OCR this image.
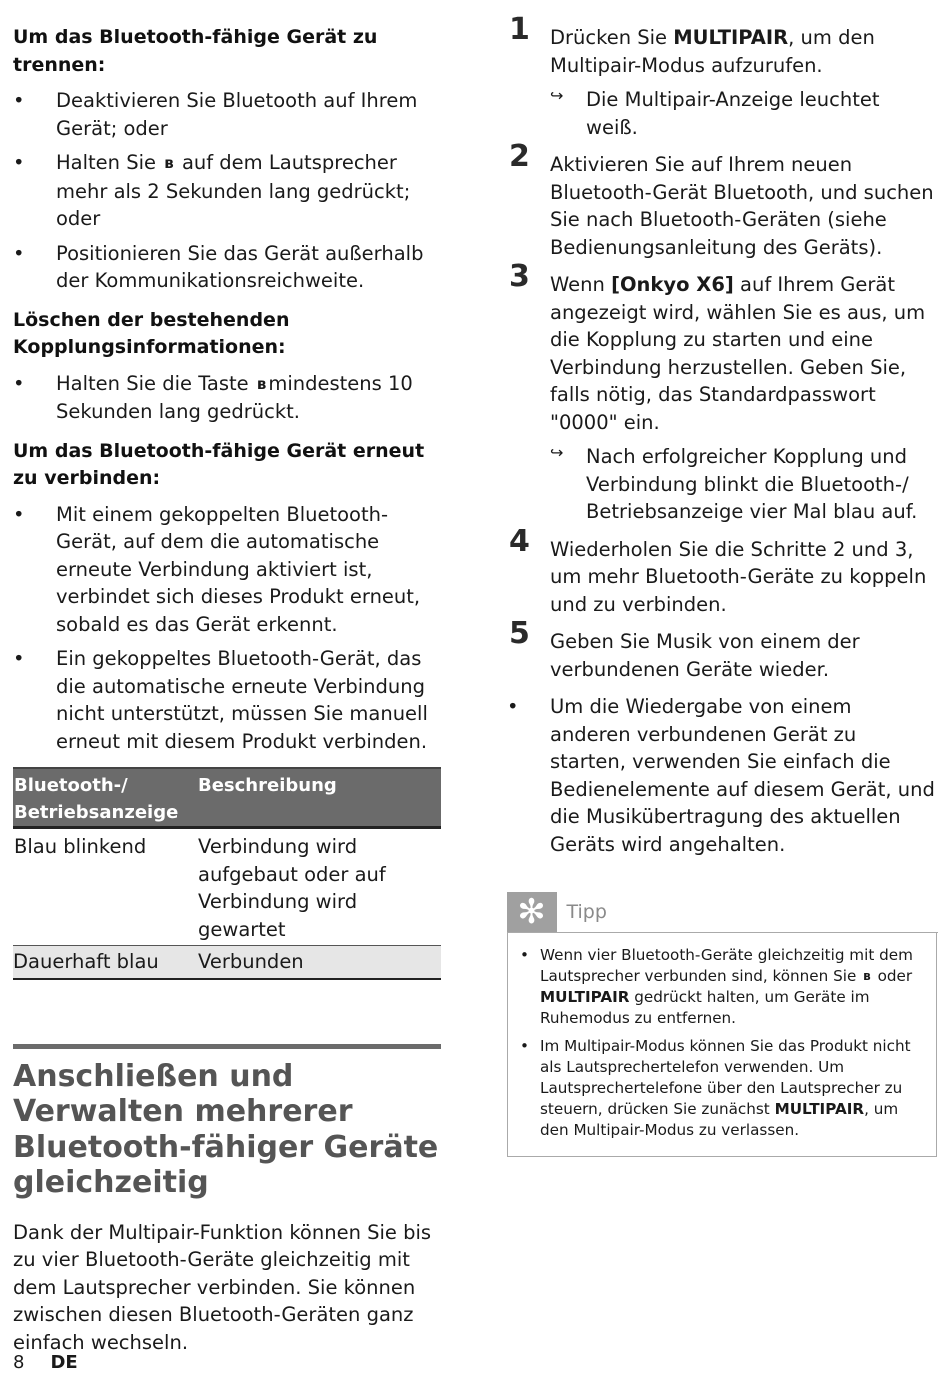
Um das Bluetooth-fähige Gerät zu trennen:
• Deaktivieren Sie Bluetooth auf Ihrem Gerät; oder
• Halten Sie ʙ auf dem Lautsprecher mehr als 2 Sekunden lang gedrückt; oder
• Positionieren Sie das Gerät außerhalb der Kommunikationsreichweite.
Löschen der bestehenden Kopplungsinformationen:
• Halten Sie die Taste ʙ mindestens 10 Sekunden lang gedrückt.
Um das Bluetooth-fähige Gerät erneut zu verbinden:
• Mit einem gekoppelten Bluetooth-Gerät, auf dem die automatische erneute Verbindung aktiviert ist, verbindet sich dieses Produkt erneut, sobald es das Gerät erkennt.
• Ein gekoppeltes Bluetooth-Gerät, das die automatische erneute Verbindung nicht unterstützt, müssen Sie manuell erneut mit diesem Produkt verbinden.
Bluetooth-/ Betriebsanzeige	Beschreibung
Blau blinkend	Verbindung wird aufgebaut oder auf Verbindung wird gewartet
Dauerhaft blau	Verbunden
Anschließen und Verwalten mehrerer Bluetooth-fähiger Geräte gleichzeitig

Dank der Multipair-Funktion können Sie bis zu vier Bluetooth-Geräte gleichzeitig mit dem Lautsprecher verbinden. Sie können zwischen diesen Bluetooth-Geräten ganz einfach wechseln.

1 Drücken Sie MULTIPAIR, um den Multipair-Modus aufzurufen.

↪ Die Multipair-Anzeige leuchtet weiß.

2 Aktivieren Sie auf Ihrem neuen Bluetooth-Gerät Bluetooth, und suchen Sie nach Bluetooth-Geräten (siehe Bedienungsanleitung des Geräts).

3 Wenn [Onkyo X6] auf Ihrem Gerät angezeigt wird, wählen Sie es aus, um die Kopplung zu starten und eine Verbindung herzustellen. Geben Sie, falls nötig, das Standardpasswort "0000" ein.

↪ Nach erfolgreicher Kopplung und Verbindung blinkt die Bluetooth-/ Betriebsanzeige vier Mal blau auf.

4 Wiederholen Sie die Schritte 2 und 3, um mehr Bluetooth-Geräte zu koppeln und zu verbinden.

5 Geben Sie Musik von einem der verbundenen Geräte wieder.

• Um die Wiedergabe von einem anderen verbundenen Gerät zu starten, verwenden Sie einfach die Bedienelemente auf diesem Gerät, und die Musikübertragung des aktuellen Geräts wird angehalten.
✻	Tipp
• Wenn vier Bluetooth-Geräte gleichzeitig mit dem Lautsprecher verbunden sind, können Sie ʙ oder MULTIPAIR gedrückt halten, um Geräte im Ruhemodus zu entfernen.
• Im Multipair-Modus können Sie das Produkt nicht als Lautsprechertelefon verwenden. Um Lautsprechertelefone über den Lautsprecher zu steuern, drücken Sie zunächst MULTIPAIR, um den Multipair-Modus zu verlassen.
8 DE
